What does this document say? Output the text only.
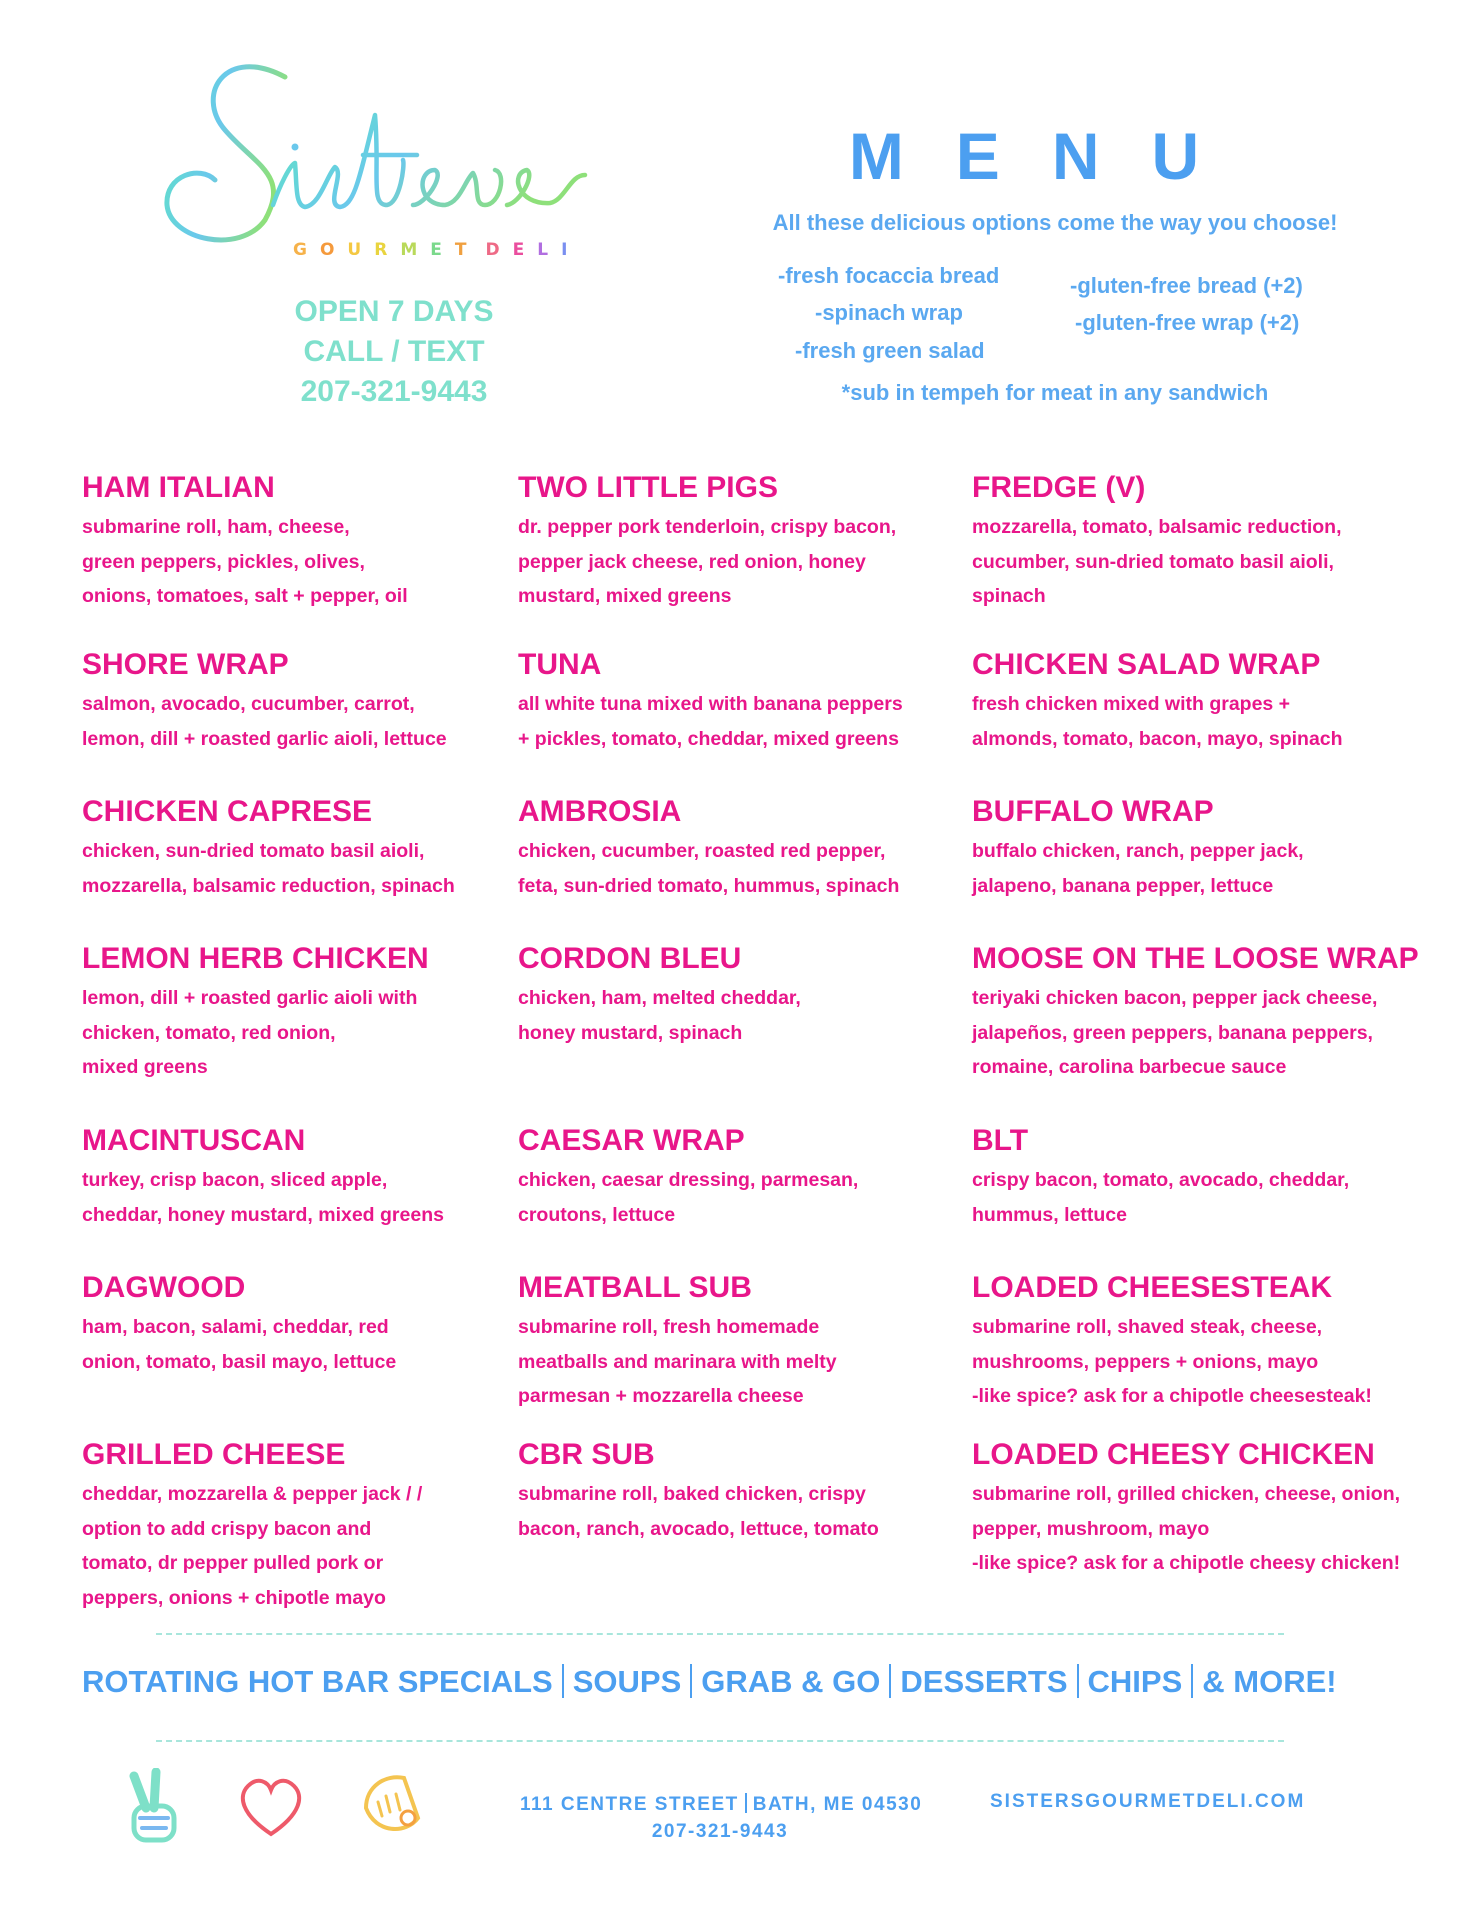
GOURMET DELI
OPEN 7 DAYS
CALL / TEXT
207-321-9443
MENU
All these delicious options come the way you choose!
-fresh focaccia bread
-spinach wrap
-fresh green salad
-gluten-free bread (+2)
-gluten-free wrap (+2)
*sub in tempeh for meat in any sandwich
HAM ITALIAN
submarine roll, ham, cheese,
green peppers, pickles, olives,
onions, tomatoes, salt + pepper, oil
TWO LITTLE PIGS
dr. pepper pork tenderloin, crispy bacon,
pepper jack cheese, red onion, honey
mustard, mixed greens
FREDGE (V)
mozzarella, tomato, balsamic reduction,
cucumber, sun-dried tomato basil aioli,
spinach
SHORE WRAP
salmon, avocado, cucumber, carrot,
lemon, dill + roasted garlic aioli, lettuce
TUNA
all white tuna mixed with banana peppers
+ pickles, tomato, cheddar, mixed greens
CHICKEN SALAD WRAP
fresh chicken mixed with grapes +
almonds, tomato, bacon, mayo, spinach
CHICKEN CAPRESE
chicken, sun-dried tomato basil aioli,
mozzarella, balsamic reduction, spinach
AMBROSIA
chicken, cucumber, roasted red pepper,
feta, sun-dried tomato, hummus, spinach
BUFFALO WRAP
buffalo chicken, ranch, pepper jack,
jalapeno, banana pepper, lettuce
LEMON HERB CHICKEN
lemon, dill + roasted garlic aioli with
chicken, tomato, red onion,
mixed greens
CORDON BLEU
chicken, ham, melted cheddar,
honey mustard, spinach
MOOSE ON THE LOOSE WRAP
teriyaki chicken bacon, pepper jack cheese,
jalapeños, green peppers, banana peppers,
romaine, carolina barbecue sauce
MACINTUSCAN
turkey, crisp bacon, sliced apple,
cheddar, honey mustard, mixed greens
CAESAR WRAP
chicken, caesar dressing, parmesan,
croutons, lettuce
BLT
crispy bacon, tomato, avocado, cheddar,
hummus, lettuce
DAGWOOD
ham, bacon, salami, cheddar, red
onion, tomato, basil mayo, lettuce
MEATBALL SUB
submarine roll, fresh homemade
meatballs and marinara with melty
parmesan + mozzarella cheese
LOADED CHEESESTEAK
submarine roll, shaved steak, cheese,
mushrooms, peppers + onions, mayo
-like spice? ask for a chipotle cheesesteak!
GRILLED CHEESE
cheddar, mozzarella & pepper jack / /
option to add crispy bacon and
tomato, dr pepper pulled pork or
peppers, onions + chipotle mayo
CBR SUB
submarine roll, baked chicken, crispy
bacon, ranch, avocado, lettuce, tomato
LOADED CHEESY CHICKEN
submarine roll, grilled chicken, cheese, onion,
pepper, mushroom, mayo
-like spice? ask for a chipotle cheesy chicken!
ROTATING HOT BAR SPECIALS SOUPS GRAB & GO DESSERTS CHIPS & MORE!
111 CENTRE STREET BATH, ME 04530
207-321-9443
SISTERSGOURMETDELI.COM
